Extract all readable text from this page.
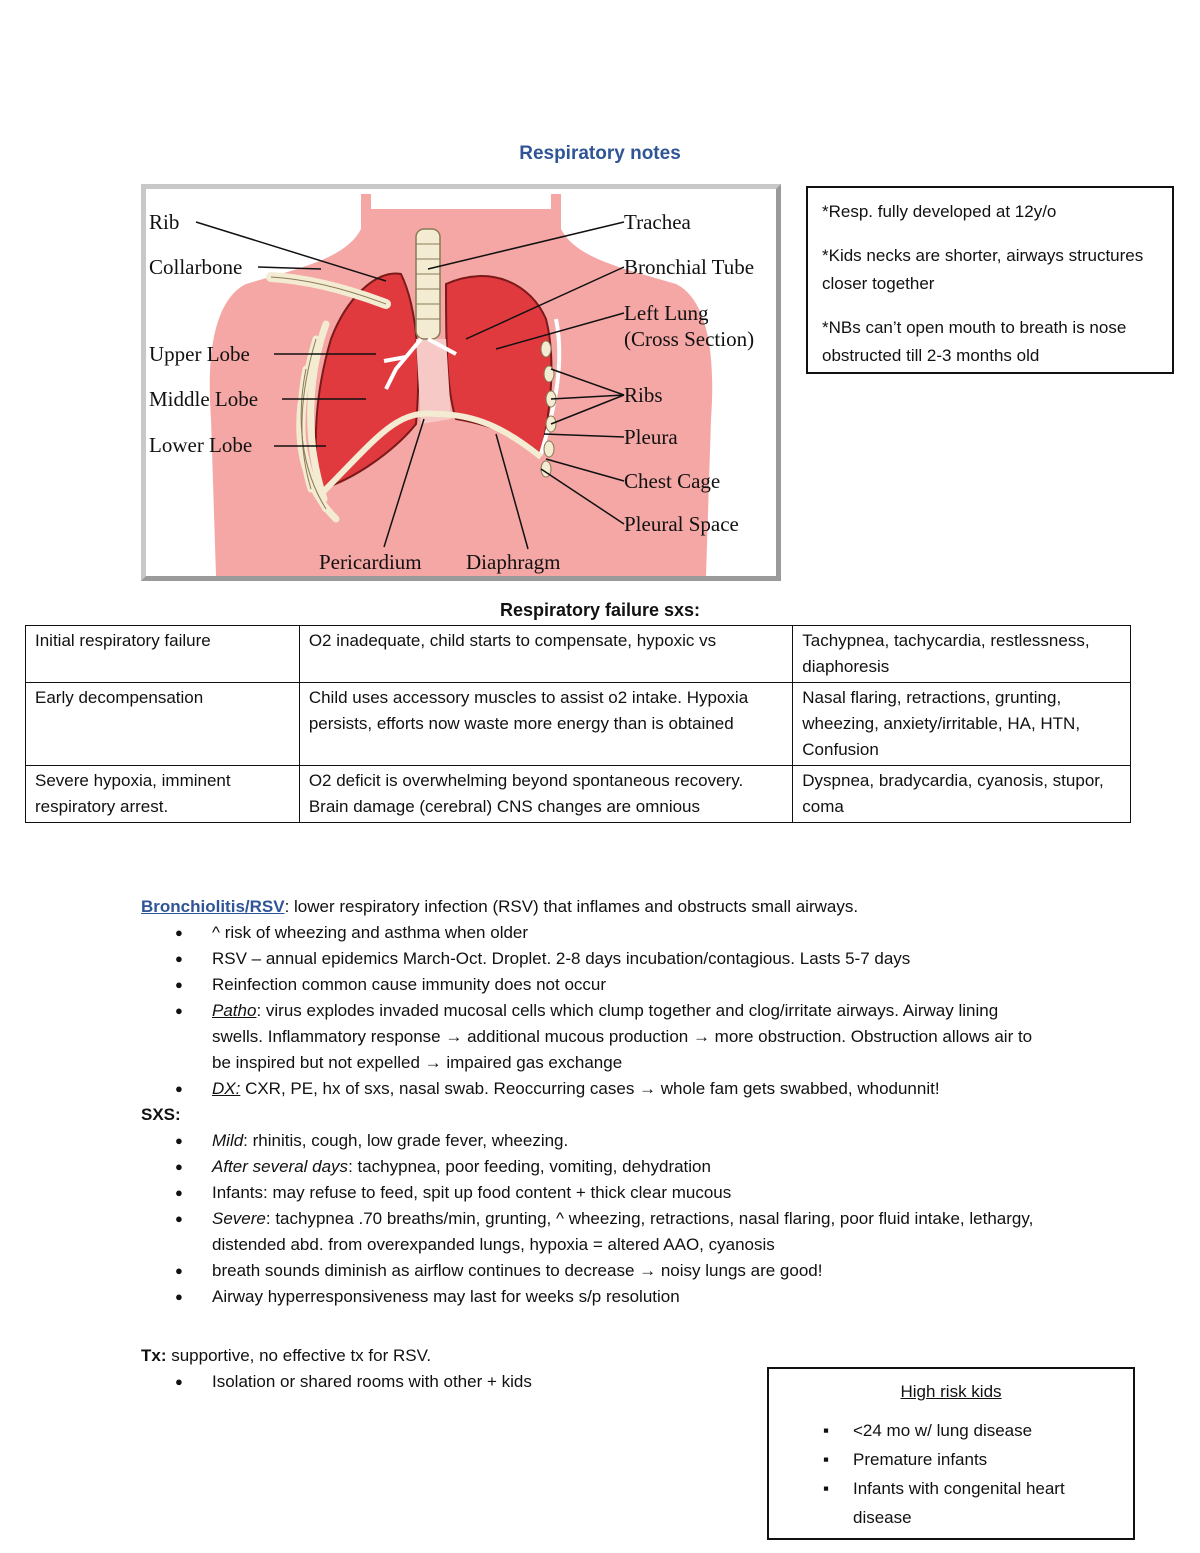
Respiratory notes
Rib
Collarbone
Upper Lobe
Middle Lobe
Lower Lobe
Trachea
Bronchial Tube
Left Lung
(Cross Section)
Ribs
Pleura
Chest Cage
Pleural Space
Pericardium Diaphragm

*Resp. fully developed at 12y/o

*Kids necks are shorter, airways structures closer together

*NBs can’t open mouth to breath is nose obstructed till 2-3 months old

Respiratory failure sxs:
Initial respiratory failure	O2 inadequate, child starts to compensate, hypoxic vs	Tachypnea, tachycardia, restlessness, diaphoresis
Early decompensation	Child uses accessory muscles to assist o2 intake. Hypoxia persists, efforts now waste more energy than is obtained	Nasal flaring, retractions, grunting, wheezing, anxiety/irritable, HA, HTN, Confusion
Severe hypoxia, imminent respiratory arrest.	O2 deficit is overwhelming beyond spontaneous recovery. Brain damage (cerebral) CNS changes are omnious	Dyspnea, bradycardia, cyanosis, stupor, coma
Bronchiolitis/RSV: lower respiratory infection (RSV) that inflames and obstructs small airways.
● ^ risk of wheezing and asthma when older
● RSV – annual epidemics March-Oct. Droplet. 2-8 days incubation/contagious. Lasts 5-7 days
● Reinfection common cause immunity does not occur
● Patho: virus explodes invaded mucosal cells which clump together and clog/irritate airways. Airway lining swells. Inflammatory response → additional mucous production → more obstruction. Obstruction allows air to be inspired but not expelled → impaired gas exchange
● DX: CXR, PE, hx of sxs, nasal swab. Reoccurring cases → whole fam gets swabbed, whodunnit!
SXS:
● Mild: rhinitis, cough, low grade fever, wheezing.
● After several days: tachypnea, poor feeding, vomiting, dehydration
● Infants: may refuse to feed, spit up food content + thick clear mucous
● Severe: tachypnea .70 breaths/min, grunting, ^ wheezing, retractions, nasal flaring, poor fluid intake, lethargy, distended abd. from overexpanded lungs, hypoxia = altered AAO, cyanosis
● breath sounds diminish as airflow continues to decrease → noisy lungs are good!
● Airway hyperresponsiveness may last for weeks s/p resolution
Tx: supportive, no effective tx for RSV.
● Isolation or shared rooms with other + kids
High risk kids
▪ <24 mo w/ lung disease
▪ Premature infants
▪ Infants with congenital heart disease
